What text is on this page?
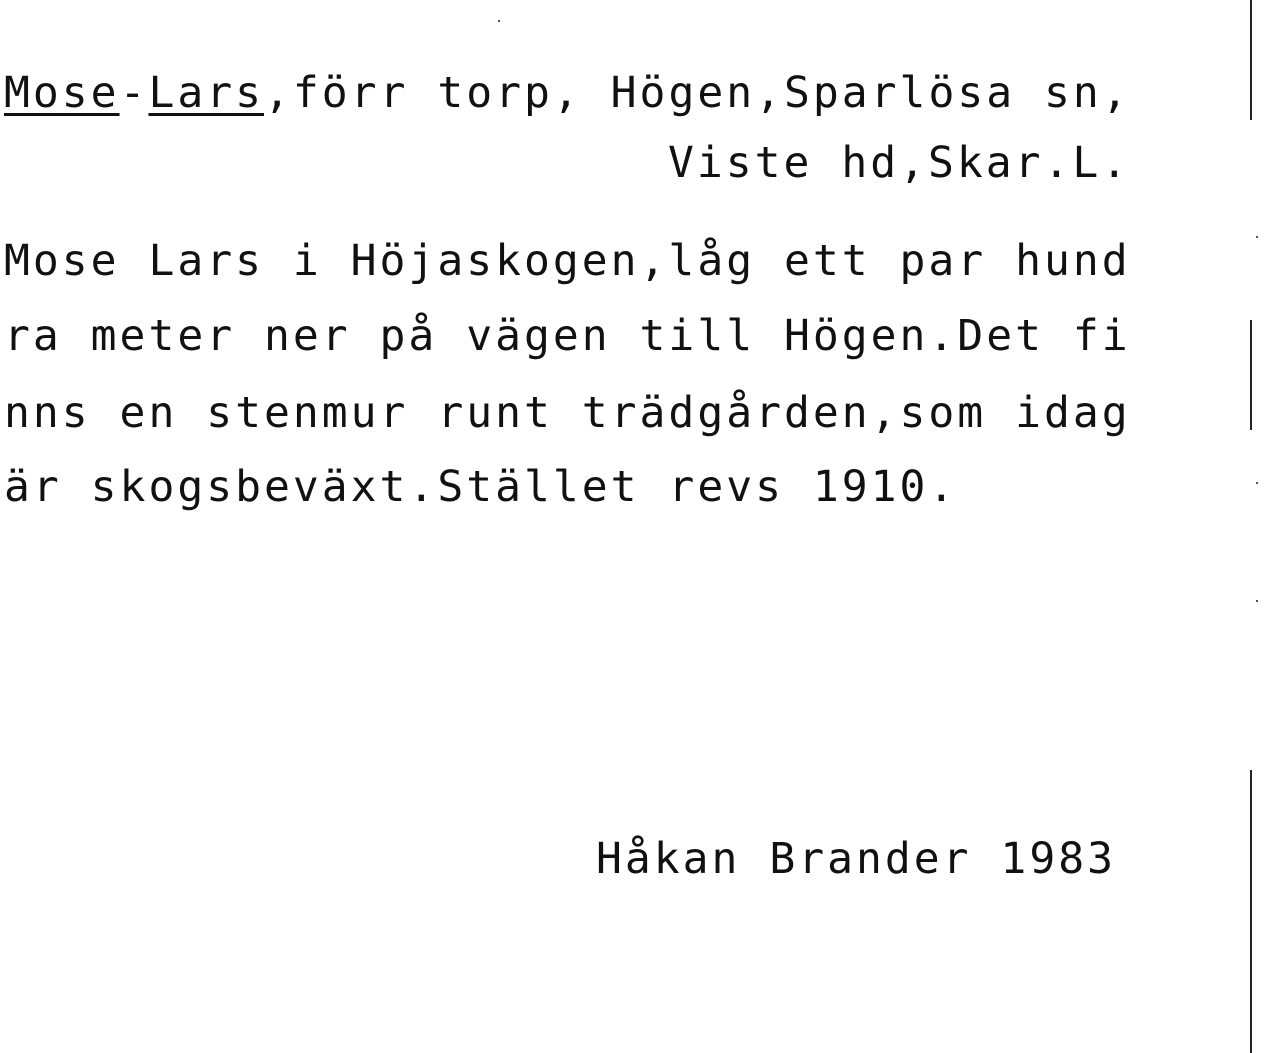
Mose-Lars,förr torp, Högen,Sparlösa sn,
Viste hd,Skar.L.
Mose Lars i Höjaskogen,låg ett par hund
ra meter ner på vägen till Högen.Det fi
nns en stenmur runt trädgården,som idag
är skogsbeväxt.Stället revs 1910.
Håkan Brander 1983
